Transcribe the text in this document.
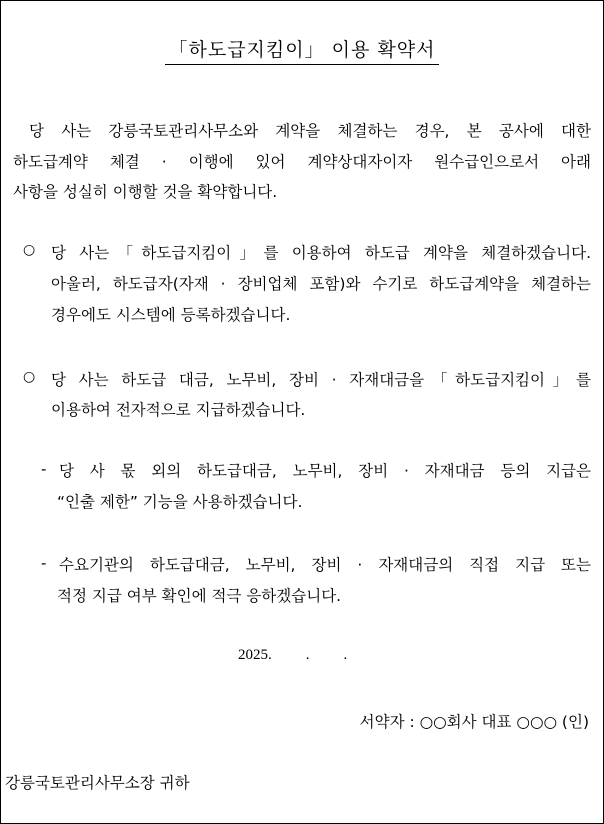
「하도급지킴이」 이용 확약서
당 사는 강릉국토관리사무소와 계약을 체결하는 경우, 본 공사에 대한
하도급계약 체결 · 이행에 있어 계약상대자이자 원수급인으로서 아래
사항을 성실히 이행할 것을 확약합니다.
○ 당 사는「하도급지킴이」를 이용하여 하도급 계약을 체결하겠습니다.
아울러, 하도급자(자재 · 장비업체 포함)와 수기로 하도급계약을 체결하는
경우에도 시스템에 등록하겠습니다.
○ 당 사는 하도급 대금, 노무비, 장비 · 자재대금을「하도급지킴이」를
이용하여 전자적으로 지급하겠습니다.
- 당 사 몫 외의 하도급대금, 노무비, 장비 · 자재대금 등의 지급은
“인출 제한” 기능을 사용하겠습니다.
- 수요기관의 하도급대금, 노무비, 장비 · 자재대금의 직접 지급 또는
적정 지급 여부 확인에 적극 응하겠습니다.
2025. . .
서약자 : ○○회사 대표 ○○○ (인)
강릉국토관리사무소장 귀하
